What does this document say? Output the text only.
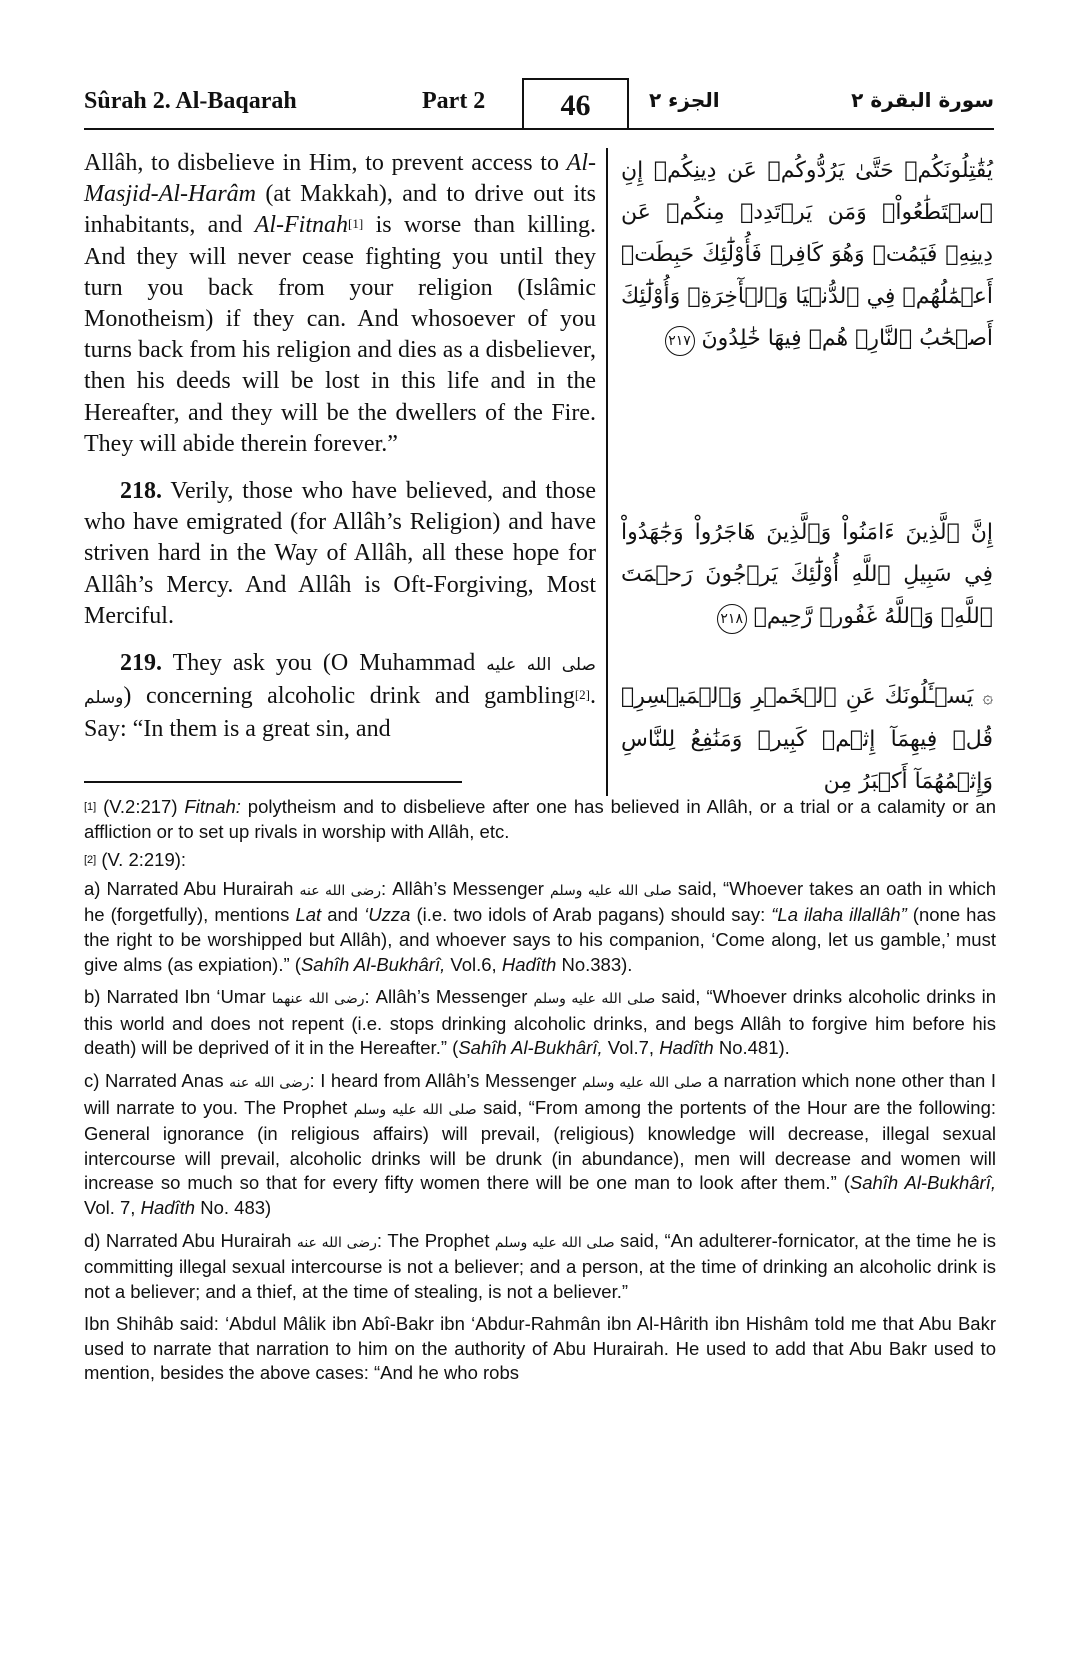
Sûrah 2. Al-Baqarah	Part 2	46	الجزء ٢	سورة البقرة ٢

Allâh, to disbelieve in Him, to prevent access to Al-Masjid-Al-Harâm (at Makkah), and to drive out its inhabitants, and Al-Fitnah[1] is worse than killing. And they will never cease fighting you until they turn you back from your religion (Islâmic Monotheism) if they can. And whosoever of you turns back from his religion and dies as a disbeliever, then his deeds will be lost in this life and in the Hereafter, and they will be the dwellers of the Fire. They will abide therein forever.”

218. Verily, those who have believed, and those who have emigrated (for Allâh’s Religion) and have striven hard in the Way of Allâh, all these hope for Allâh’s Mercy. And Allâh is Oft-Forgiving, Most Merciful.

219. They ask you (O Muhammad صلى الله عليه وسلم) concerning alcoholic drink and gambling[2]. Say: “In them is a great sin, and

يُقَٰتِلُونَكُمۡ حَتَّىٰ يَرُدُّوكُمۡ عَن دِينِكُمۡ إِنِ ٱسۡتَطَٰعُواْۚ وَمَن يَرۡتَدِدۡ مِنكُمۡ عَن دِينِهِۦ فَيَمُتۡ وَهُوَ كَافِرٞ فَأُوْلَٰٓئِكَ حَبِطَتۡ أَعۡمَٰلُهُمۡ فِي ٱلدُّنۡيَا وَٱلۡأٓخِرَةِۖ وَأُوْلَٰٓئِكَ أَصۡحَٰبُ ٱلنَّارِۖ هُمۡ فِيهَا خَٰلِدُونَ ٢١٧
إِنَّ ٱلَّذِينَ ءَامَنُواْ وَٱلَّذِينَ هَاجَرُواْ وَجَٰهَدُواْ فِي سَبِيلِ ٱللَّهِ أُوْلَٰٓئِكَ يَرۡجُونَ رَحۡمَتَ ٱللَّهِۚ وَٱللَّهُ غَفُورٞ رَّحِيمٞ ٢١٨
۞ يَسۡـَٔلُونَكَ عَنِ ٱلۡخَمۡرِ وَٱلۡمَيۡسِرِۖ قُلۡ فِيهِمَآ إِثۡمٞ كَبِيرٞ وَمَنَٰفِعُ لِلنَّاسِ وَإِثۡمُهُمَآ أَكۡبَرُ مِن

[1] (V.2:217) Fitnah: polytheism and to disbelieve after one has believed in Allâh, or a trial or a calamity or an affliction or to set up rivals in worship with Allâh, etc.

[2] (V. 2:219):

a) Narrated Abu Hurairah رضى الله عنه: Allâh’s Messenger صلى الله عليه وسلم said, “Whoever takes an oath in which he (forgetfully), mentions Lat and ‘Uzza (i.e. two idols of Arab pagans) should say: “La ilaha illallâh” (none has the right to be worshipped but Allâh), and whoever says to his companion, ‘Come along, let us gamble,’ must give alms (as expiation).” (Sahîh Al-Bukhârî, Vol.6, Hadîth No.383).

b) Narrated Ibn ‘Umar رضى الله عنهما: Allâh’s Messenger صلى الله عليه وسلم said, “Whoever drinks alcoholic drinks in this world and does not repent (i.e. stops drinking alcoholic drinks, and begs Allâh to forgive him before his death) will be deprived of it in the Hereafter.” (Sahîh Al-Bukhârî, Vol.7, Hadîth No.481).

c) Narrated Anas رضى الله عنه: I heard from Allâh’s Messenger صلى الله عليه وسلم a narration which none other than I will narrate to you. The Prophet صلى الله عليه وسلم said, “From among the portents of the Hour are the following: General ignorance (in religious affairs) will prevail, (religious) knowledge will decrease, illegal sexual intercourse will prevail, alcoholic drinks will be drunk (in abundance), men will decrease and women will increase so much so that for every fifty women there will be one man to look after them.” (Sahîh Al-Bukhârî, Vol. 7, Hadîth No. 483)

d) Narrated Abu Hurairah رضى الله عنه: The Prophet صلى الله عليه وسلم said, “An adulterer-fornicator, at the time he is committing illegal sexual intercourse is not a believer; and a person, at the time of drinking an alcoholic drink is not a believer; and a thief, at the time of stealing, is not a believer.”

Ibn Shihâb said: ‘Abdul Mâlik ibn Abî-Bakr ibn ‘Abdur-Rahmân ibn Al-Hârith ibn Hishâm told me that Abu Bakr used to narrate that narration to him on the authority of Abu Hurairah. He used to add that Abu Bakr used to mention, besides the above cases: “And he who robs
